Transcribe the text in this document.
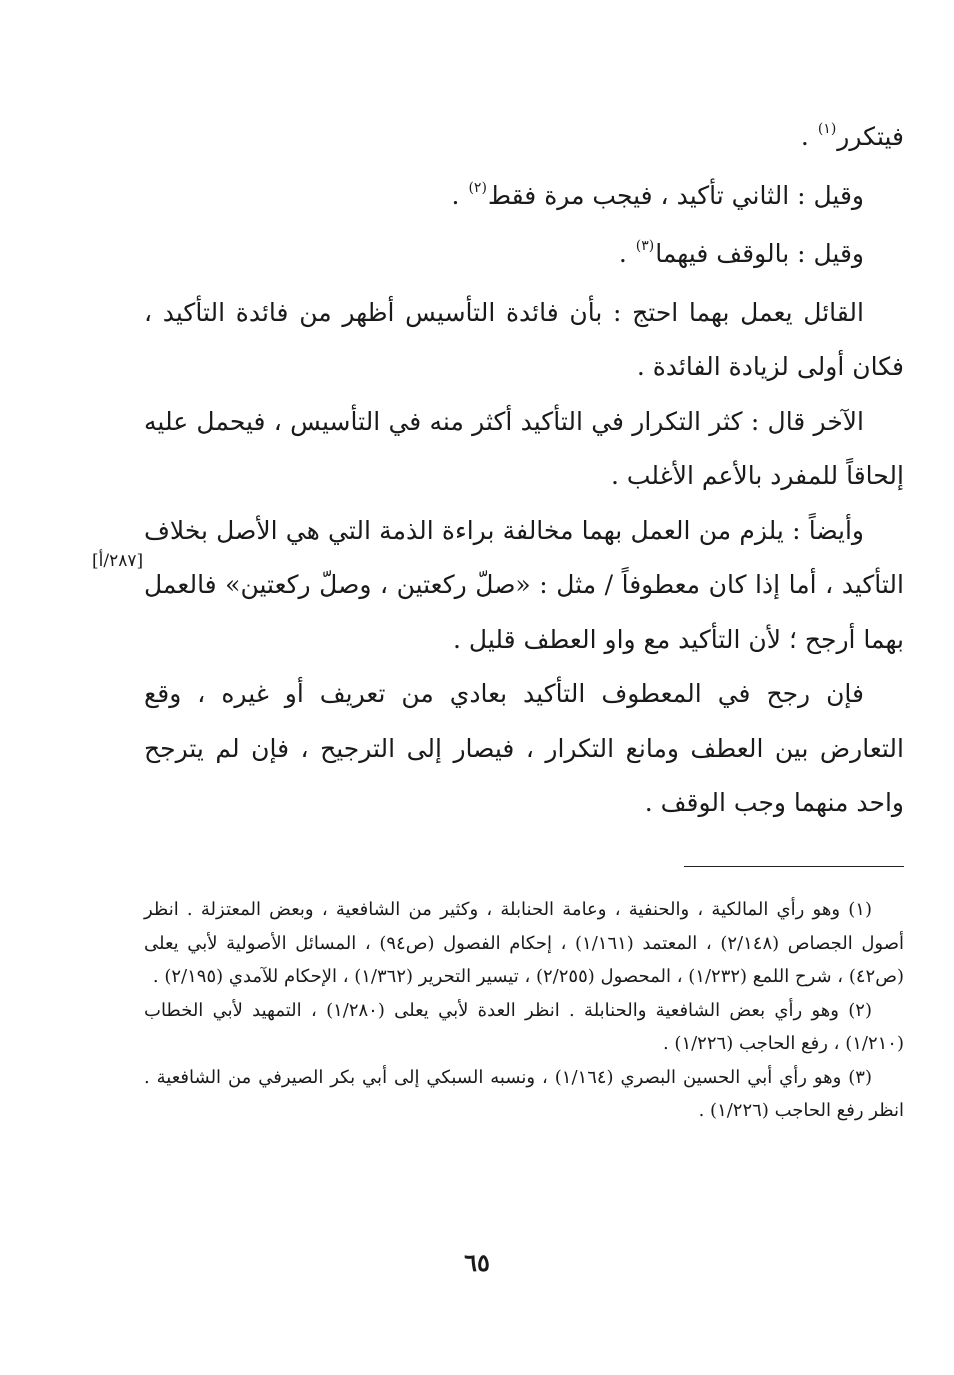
فيتكرر$^{(١)}$ .

وقيل : الثاني تأكيد ، فيجب مرة فقط$^{(٢)}$ .

وقيل : بالوقف فيهما$^{(٣)}$ .

القائل يعمل بهما احتج : بأن فائدة التأسيس أظهر من فائدة التأكيد ، فكان أولى لزيادة الفائدة .

الآخر قال : كثر التكرار في التأكيد أكثر منه في التأسيس ، فيحمل عليه إلحاقاً للمفرد بالأعم الأغلب .

وأيضاً : يلزم من العمل بهما مخالفة براءة الذمة التي هي الأصل بخلاف التأكيد ، أما إذا كان معطوفاً / مثل : «صلّ ركعتين ، وصلّ ركعتين» فالعمل بهما أرجح ؛ لأن التأكيد مع واو العطف قليل .

فإن رجح في المعطوف التأكيد بعادي من تعريف أو غيره ، وقع التعارض بين العطف ومانع التكرار ، فيصار إلى الترجيح ، فإن لم يترجح واحد منهما وجب الوقف .

[٢٨٧/أ]

(١) وهو رأي المالكية ، والحنفية ، وعامة الحنابلة ، وكثير من الشافعية ، وبعض المعتزلة . انظر أصول الجصاص (٢/١٤٨) ، المعتمد (١/١٦١) ، إحكام الفصول (ص٩٤) ، المسائل الأصولية لأبي يعلى (ص٤٢) ، شرح اللمع (١/٢٣٢) ، المحصول (٢/٢٥٥) ، تيسير التحرير (١/٣٦٢) ، الإحكام للآمدي (٢/١٩٥) .

(٢) وهو رأي بعض الشافعية والحنابلة . انظر العدة لأبي يعلى (١/٢٨٠) ، التمهيد لأبي الخطاب (١/٢١٠) ، رفع الحاجب (١/٢٢٦) .

(٣) وهو رأي أبي الحسين البصري (١/١٦٤) ، ونسبه السبكي إلى أبي بكر الصيرفي من الشافعية . انظر رفع الحاجب (١/٢٢٦) .

٦٥
